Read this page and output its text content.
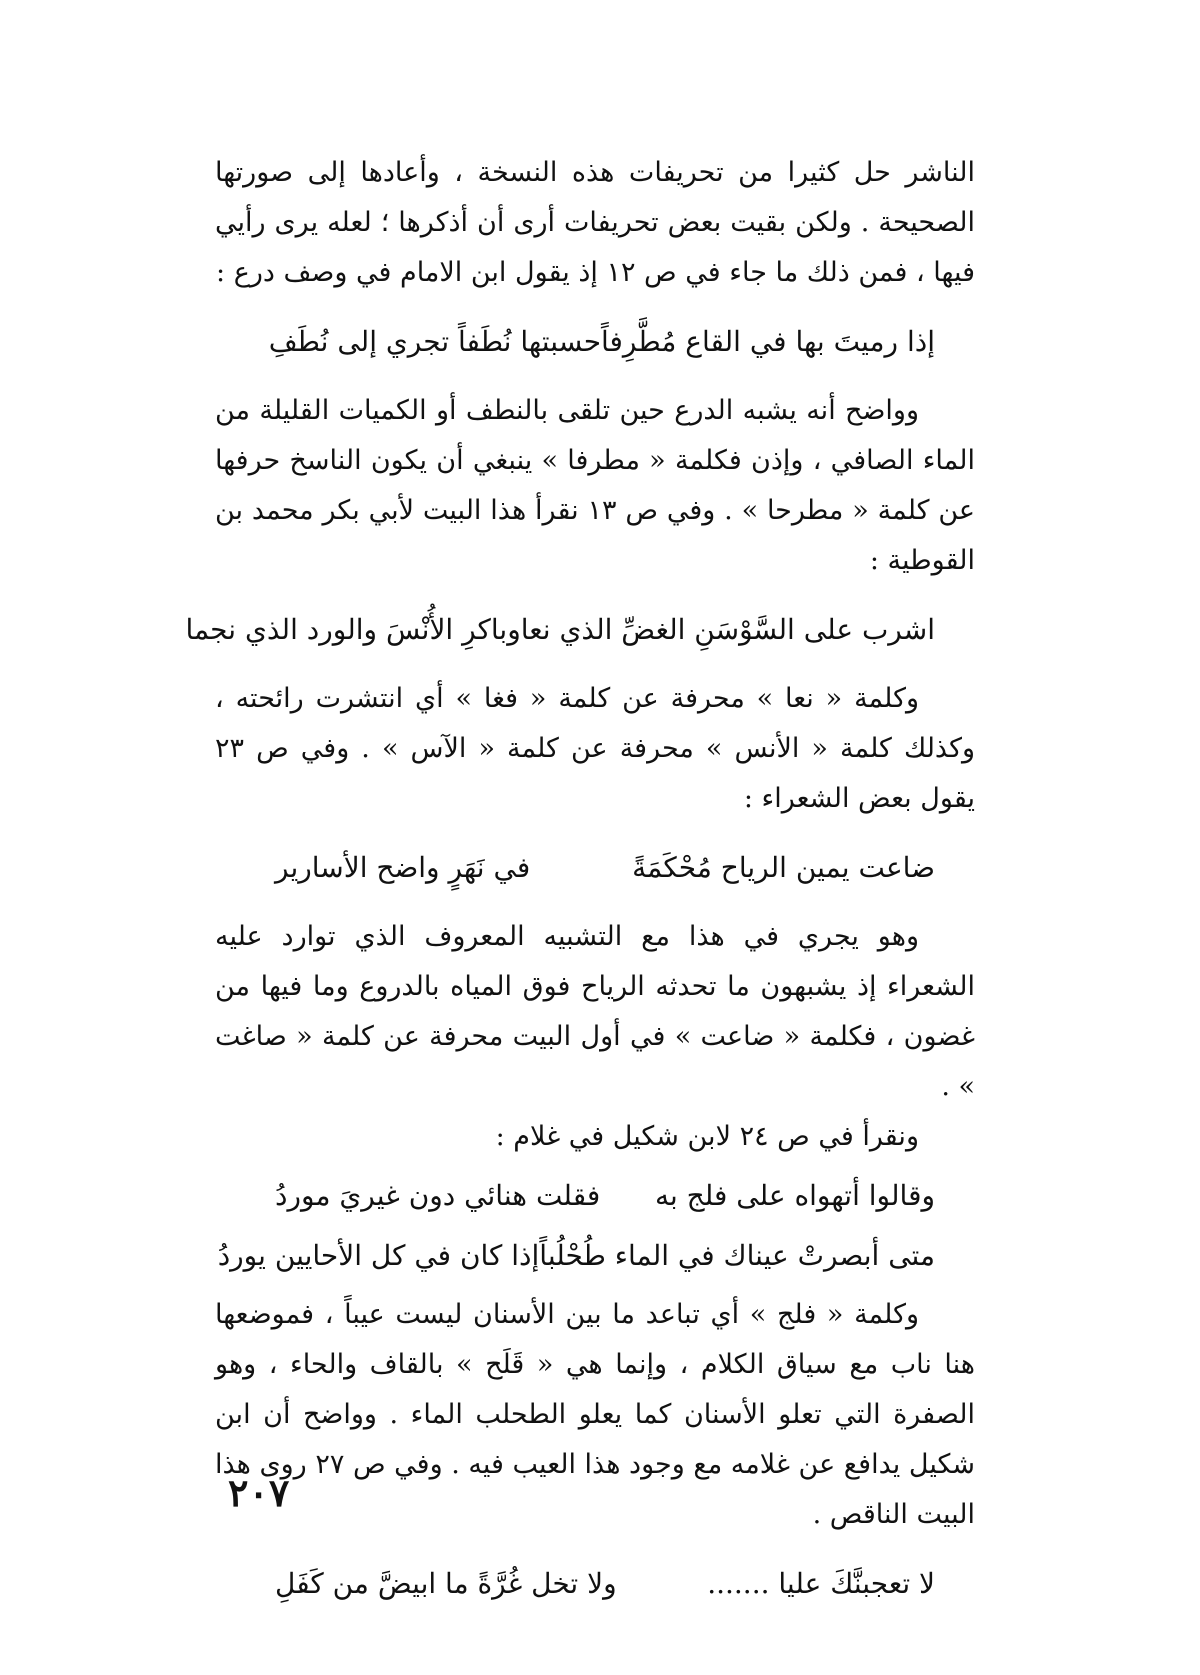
الناشر حل كثيرا من تحريفات هذه النسخة ، وأعادها إلى صورتها الصحيحة . ولكن بقيت بعض تحريفات أرى أن أذكرها ؛ لعله يرى رأيي فيها ، فمن ذلك ما جاء في ص ١٢ إذ يقول ابن الامام في وصف درع :

إذا رميتَ بها في القاع مُطَّرِفاً
حسبتها نُطَفاً تجري إلى نُطَفِ

وواضح أنه يشبه الدرع حين تلقى بالنطف أو الكميات القليلة من الماء الصافي ، وإذن فكلمة « مطرفا » ينبغي أن يكون الناسخ حرفها عن كلمة « مطرحا » . وفي ص ١٣ نقرأ هذا البيت لأبي بكر محمد بن القوطية :

اشرب على السَّوْسَنِ الغضِّ الذي نعا
وباكرِ الأُنْسَ والورد الذي نجما

وكلمة « نعا » محرفة عن كلمة « فغا » أي انتشرت رائحته ، وكذلك كلمة « الأنس » محرفة عن كلمة « الآس » . وفي ص ٢٣ يقول بعض الشعراء :

ضاعت يمين الرياح مُحْكَمَةً
في نَهَرٍ واضح الأسارير

وهو يجري في هذا مع التشبيه المعروف الذي توارد عليه الشعراء إذ يشبهون ما تحدثه الرياح فوق المياه بالدروع وما فيها من غضون ، فكلمة « ضاعت » في أول البيت محرفة عن كلمة « صاغت » .

ونقرأ في ص ٢٤ لابن شكيل في غلام :

وقالوا أتهواه على فلج به
فقلت هنائي دون غيريَ موردُ
متى أبصرتْ عيناك في الماء طُحْلُباً
إذا كان في كل الأحايين يوردُ

وكلمة « فلج » أي تباعد ما بين الأسنان ليست عيباً ، فموضعها هنا ناب مع سياق الكلام ، وإنما هي « قَلَح » بالقاف والحاء ، وهو الصفرة التي تعلو الأسنان كما يعلو الطحلب الماء . وواضح أن ابن شكيل يدافع عن غلامه مع وجود هذا العيب فيه . وفي ص ٢٧ روى هذا البيت الناقص .

لا تعجبنَّكَ عليا .......
ولا تخل غُرَّةً ما ابيضَّ من كَفَلِ
٢٠٧
